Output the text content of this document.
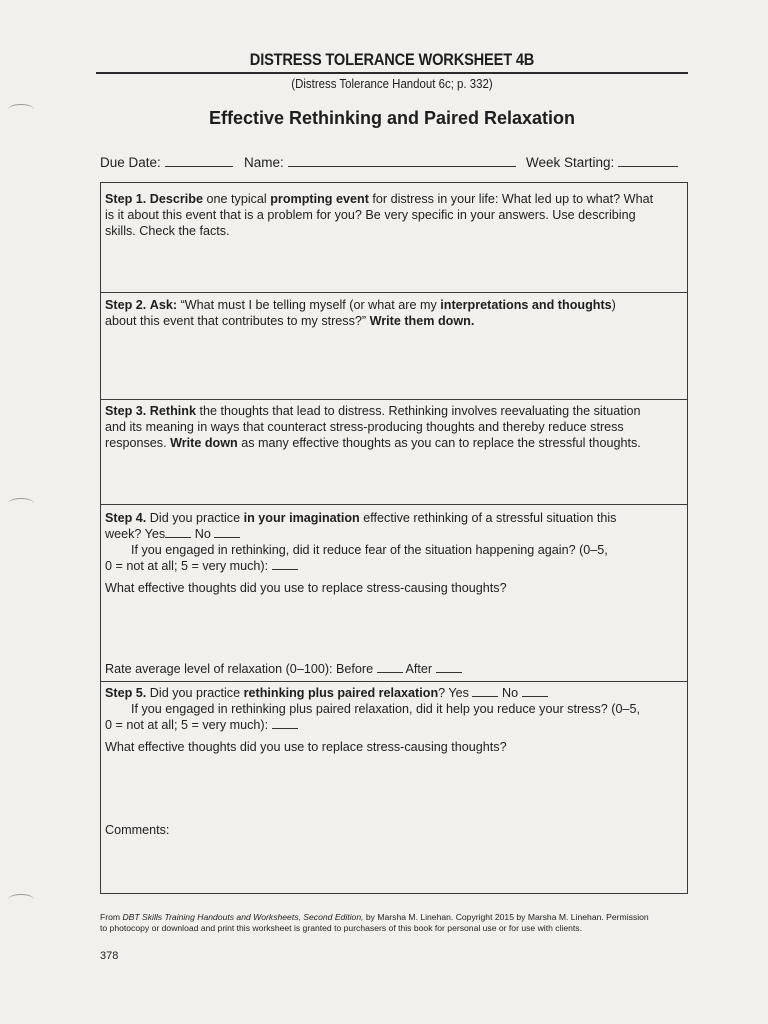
DISTRESS TOLERANCE WORKSHEET 4B
(Distress Tolerance Handout 6c; p. 332)
Effective Rethinking and Paired Relaxation
Due Date:	Name:	Week Starting:
Step 1. Describe one typical prompting event for distress in your life: What led up to what? What
is it about this event that is a problem for you? Be very specific in your answers. Use describing
skills. Check the facts.
Step 2. Ask: “What must I be telling myself (or what are my interpretations and thoughts)
about this event that contributes to my stress?” Write them down.
Step 3. Rethink the thoughts that lead to distress. Rethinking involves reevaluating the situation
and its meaning in ways that counteract stress-producing thoughts and thereby reduce stress
responses. Write down as many effective thoughts as you can to replace the stressful thoughts.
Step 4. Did you practice in your imagination effective rethinking of a stressful situation this
week? Yes No
If you engaged in rethinking, did it reduce fear of the situation happening again? (0–5,
0 = not at all; 5 = very much):
What effective thoughts did you use to replace stress-causing thoughts?
Rate average level of relaxation (0–100): Before  After
Step 5. Did you practice rethinking plus paired relaxation? Yes  No
If you engaged in rethinking plus paired relaxation, did it help you reduce your stress? (0–5,
0 = not at all; 5 = very much):
What effective thoughts did you use to replace stress-causing thoughts?
Comments:
From DBT Skills Training Handouts and Worksheets, Second Edition, by Marsha M. Linehan. Copyright 2015 by Marsha M. Linehan. Permission
to photocopy or download and print this worksheet is granted to purchasers of this book for personal use or for use with clients.
378
